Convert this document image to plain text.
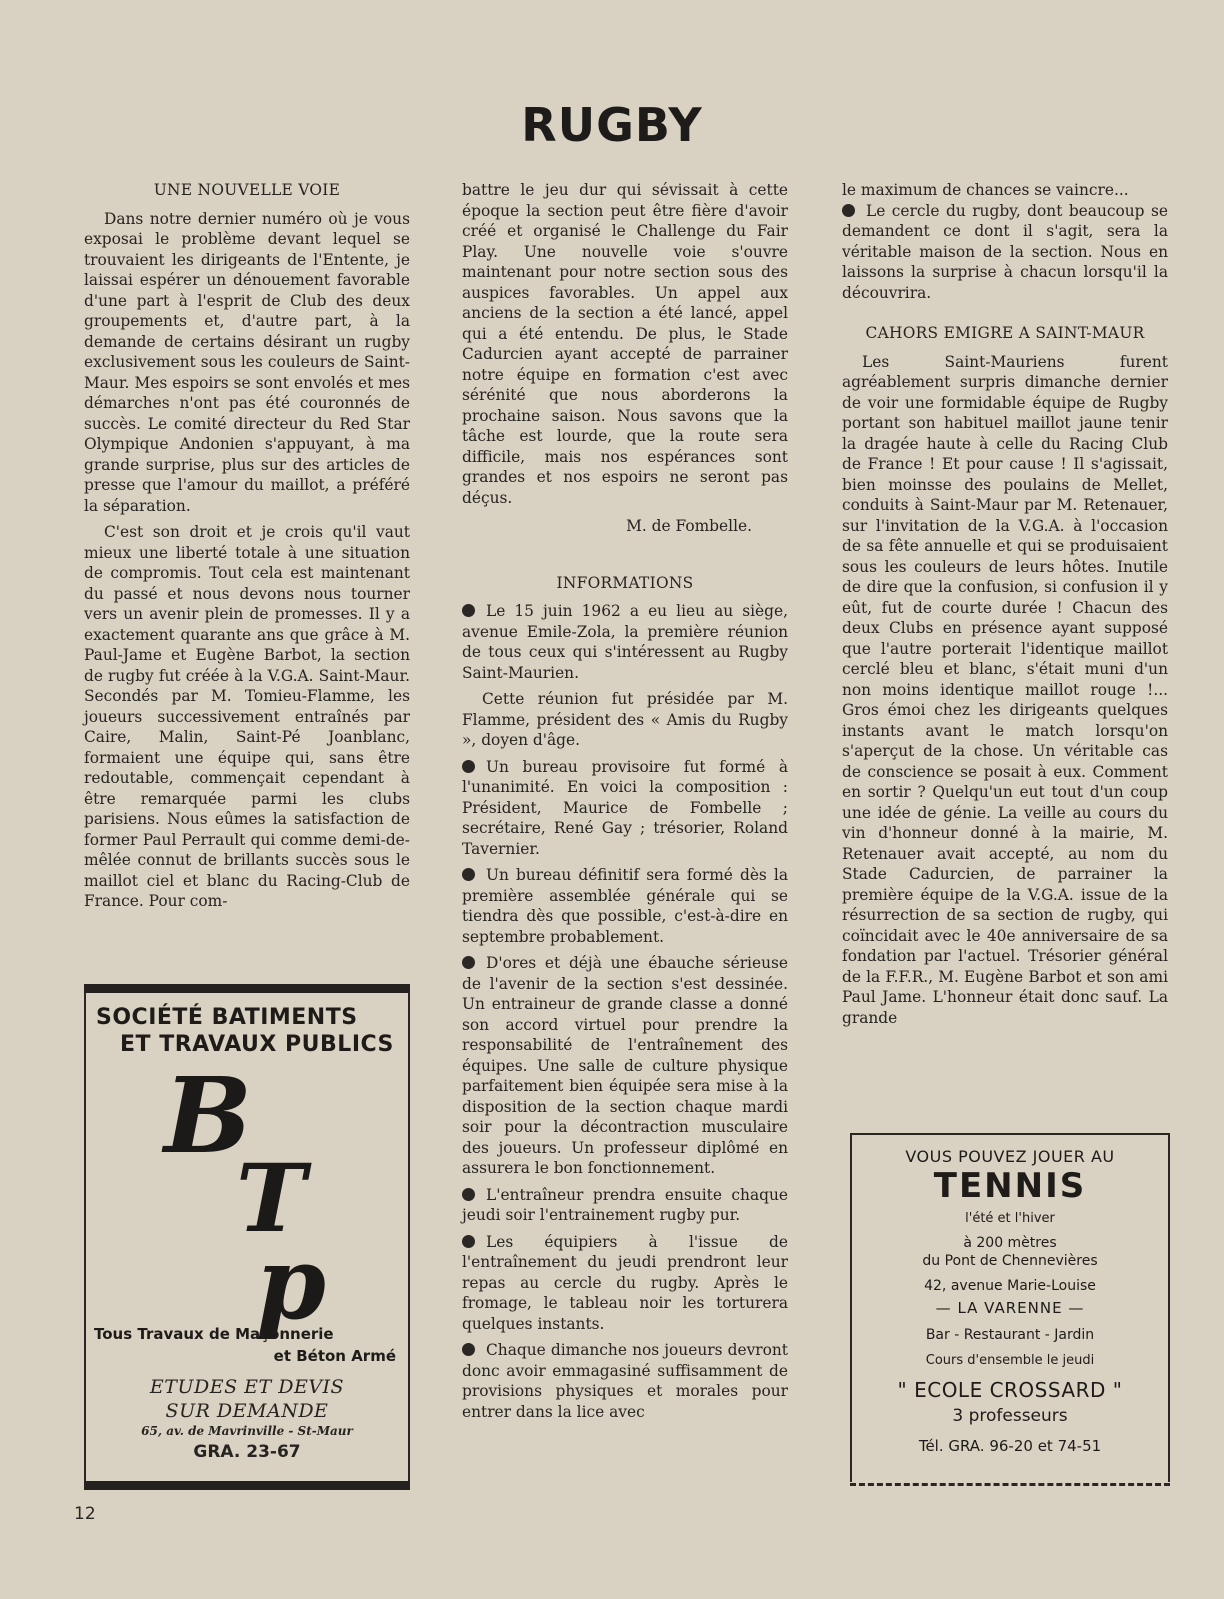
RUGBY
UNE NOUVELLE VOIE

Dans notre dernier numéro où je vous exposai le problème devant lequel se trouvaient les dirigeants de l'Entente, je laissai espérer un dénouement favorable d'une part à l'esprit de Club des deux groupements et, d'autre part, à la demande de certains désirant un rugby exclusivement sous les couleurs de Saint-Maur. Mes espoirs se sont envolés et mes démarches n'ont pas été couronnés de succès. Le comité directeur du Red Star Olympique Andonien s'appuyant, à ma grande surprise, plus sur des articles de presse que l'amour du maillot, a préféré la séparation.

C'est son droit et je crois qu'il vaut mieux une liberté totale à une situation de compromis. Tout cela est maintenant du passé et nous devons nous tourner vers un avenir plein de promesses. Il y a exactement quarante ans que grâce à M. Paul-Jame et Eugène Barbot, la section de rugby fut créée à la V.G.A. Saint-Maur. Secondés par M. Tomieu-Flamme, les joueurs successivement entraînés par Caire, Malin, Saint-Pé Joanblanc, formaient une équipe qui, sans être redoutable, commençait cependant à être remarquée parmi les clubs parisiens. Nous eûmes la satisfaction de former Paul Perrault qui comme demi-de-mêlée connut de brillants succès sous le maillot ciel et blanc du Racing-Club de France. Pour com-

battre le jeu dur qui sévissait à cette époque la section peut être fière d'avoir créé et organisé le Challenge du Fair Play. Une nouvelle voie s'ouvre maintenant pour notre section sous des auspices favorables. Un appel aux anciens de la section a été lancé, appel qui a été entendu. De plus, le Stade Cadurcien ayant accepté de parrainer notre équipe en formation c'est avec sérénité que nous aborderons la prochaine saison. Nous savons que la tâche est lourde, que la route sera difficile, mais nos espérances sont grandes et nos espoirs ne seront pas déçus.

M. de Fombelle.

INFORMATIONS

Le 15 juin 1962 a eu lieu au siège, avenue Emile-Zola, la première réunion de tous ceux qui s'intéressent au Rugby Saint-Maurien.

Cette réunion fut présidée par M. Flamme, président des « Amis du Rugby », doyen d'âge.

Un bureau provisoire fut formé à l'unanimité. En voici la composition : Président, Maurice de Fombelle ; secrétaire, René Gay ; trésorier, Roland Tavernier.

Un bureau définitif sera formé dès la première assemblée générale qui se tiendra dès que possible, c'est-à-dire en septembre probablement.

D'ores et déjà une ébauche sérieuse de l'avenir de la section s'est dessinée. Un entraineur de grande classe a donné son accord virtuel pour prendre la responsabilité de l'entraînement des équipes. Une salle de culture physique parfaitement bien équipée sera mise à la disposition de la section chaque mardi soir pour la décontraction musculaire des joueurs. Un professeur diplômé en assurera le bon fonctionnement.

L'entraîneur prendra ensuite chaque jeudi soir l'entrainement rugby pur.

Les équipiers à l'issue de l'entraînement du jeudi prendront leur repas au cercle du rugby. Après le fromage, le tableau noir les torturera quelques instants.

Chaque dimanche nos joueurs devront donc avoir emmagasiné suffisamment de provisions physiques et morales pour entrer dans la lice avec

le maximum de chances se vaincre...

Le cercle du rugby, dont beaucoup se demandent ce dont il s'agit, sera la véritable maison de la section. Nous en laissons la surprise à chacun lorsqu'il la découvrira.

CAHORS EMIGRE A SAINT-MAUR

Les Saint-Mauriens furent agréablement surpris dimanche dernier de voir une formidable équipe de Rugby portant son habituel maillot jaune tenir la dragée haute à celle du Racing Club de France ! Et pour cause ! Il s'agissait, bien moinsse des poulains de Mellet, conduits à Saint-Maur par M. Retenauer, sur l'invitation de la V.G.A. à l'occasion de sa fête annuelle et qui se produisaient sous les couleurs de leurs hôtes. Inutile de dire que la confusion, si confusion il y eût, fut de courte durée ! Chacun des deux Clubs en présence ayant supposé que l'autre porterait l'identique maillot cerclé bleu et blanc, s'était muni d'un non moins identique maillot rouge !... Gros émoi chez les dirigeants quelques instants avant le match lorsqu'on s'aperçut de la chose. Un véritable cas de conscience se posait à eux. Comment en sortir ? Quelqu'un eut tout d'un coup une idée de génie. La veille au cours du vin d'honneur donné à la mairie, M. Retenauer avait accepté, au nom du Stade Cadurcien, de parrainer la première équipe de la V.G.A. issue de la résurrection de sa section de rugby, qui coïncidait avec le 40e anniversaire de sa fondation par l'actuel. Trésorier général de la F.F.R., M. Eugène Barbot et son ami Paul Jame. L'honneur était donc sauf. La grande

SOCIÉTÉ BATIMENTS
ET TRAVAUX PUBLICS
B
T
p
Tous Travaux de Maçonnerie
et Béton Armé
ETUDES ET DEVIS
SUR DEMANDE
65, av. de Mavrinville - St-Maur
GRA. 23-67
VOUS POUVEZ JOUER AU
TENNIS
l'été et l'hiver
à 200 mètres
du Pont de Chennevières
42, avenue Marie-Louise
— LA VARENNE —
Bar - Restaurant - Jardin
Cours d'ensemble le jeudi
" ECOLE CROSSARD "
3 professeurs
Tél. GRA. 96-20 et 74-51
12
